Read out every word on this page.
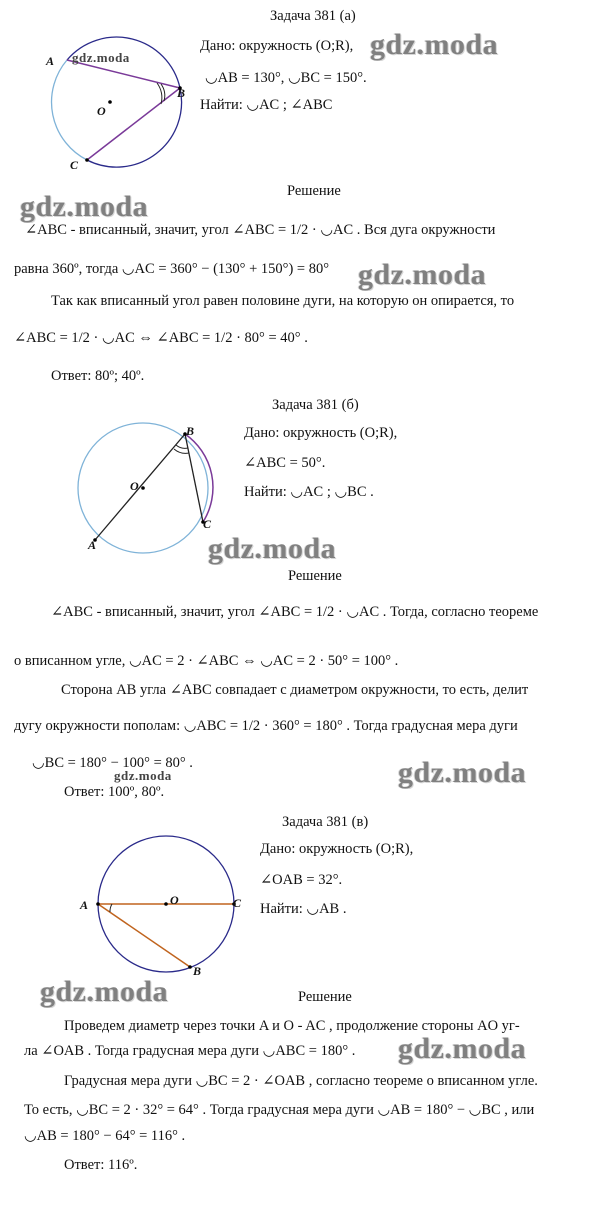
Задача 381 (а)
A
B
C
O
gdz.moda
Дано: окружность (O;R),
◡AB = 130°, ◡BC = 150°.
Найти: ◡AC ; ∠ABC
gdz.moda
Решение
gdz.moda
∠ABC - вписанный, значит, угол ∠ABC = 1/2 · ◡AC . Вся дуга окружности
равна 360º, тогда ◡AC = 360° − (130° + 150°) = 80° gdz.moda
Так как вписанный угол равен половине дуги, на которую он опирается, то
∠ABC = 1/2 · ◡AC ⇔ ∠ABC = 1/2 · 80° = 40° .
Ответ: 80º; 40º.
Задача 381 (б)
B
O
C
A
Дано: окружность (O;R),
∠ABC = 50°.
Найти: ◡AC ; ◡BC .
gdz.moda
Решение
∠ABC - вписанный, значит, угол ∠ABC = 1/2 · ◡AC . Тогда, согласно теореме
о вписанном угле, ◡AC = 2 · ∠ABC ⇔ ◡AC = 2 · 50° = 100° .
Сторона AB угла ∠ABC совпадает с диаметром окружности, то есть, делит
дугу окружности пополам: ◡ABC = 1/2 · 360° = 180° . Тогда градусная мера дуги
◡BC = 180° − 100° = 80° .
gdz.moda	gdz.moda
Ответ: 100º, 80º.
Задача 381 (в)
A	O	C
B
Дано: окружность (O;R),
∠OAB = 32°.
Найти: ◡AB .
gdz.moda	Решение
Проведем диаметр через точки A и O - AC , продолжение стороны AO уг-
ла ∠OAB . Тогда градусная мера дуги ◡ABC = 180° . gdz.moda
Градусная мера дуги ◡BC = 2 · ∠OAB , согласно теореме о вписанном угле.
То есть, ◡BC = 2 · 32° = 64° . Тогда градусная мера дуги ◡AB = 180° − ◡BC , или
◡AB = 180° − 64° = 116° .
Ответ: 116º.
